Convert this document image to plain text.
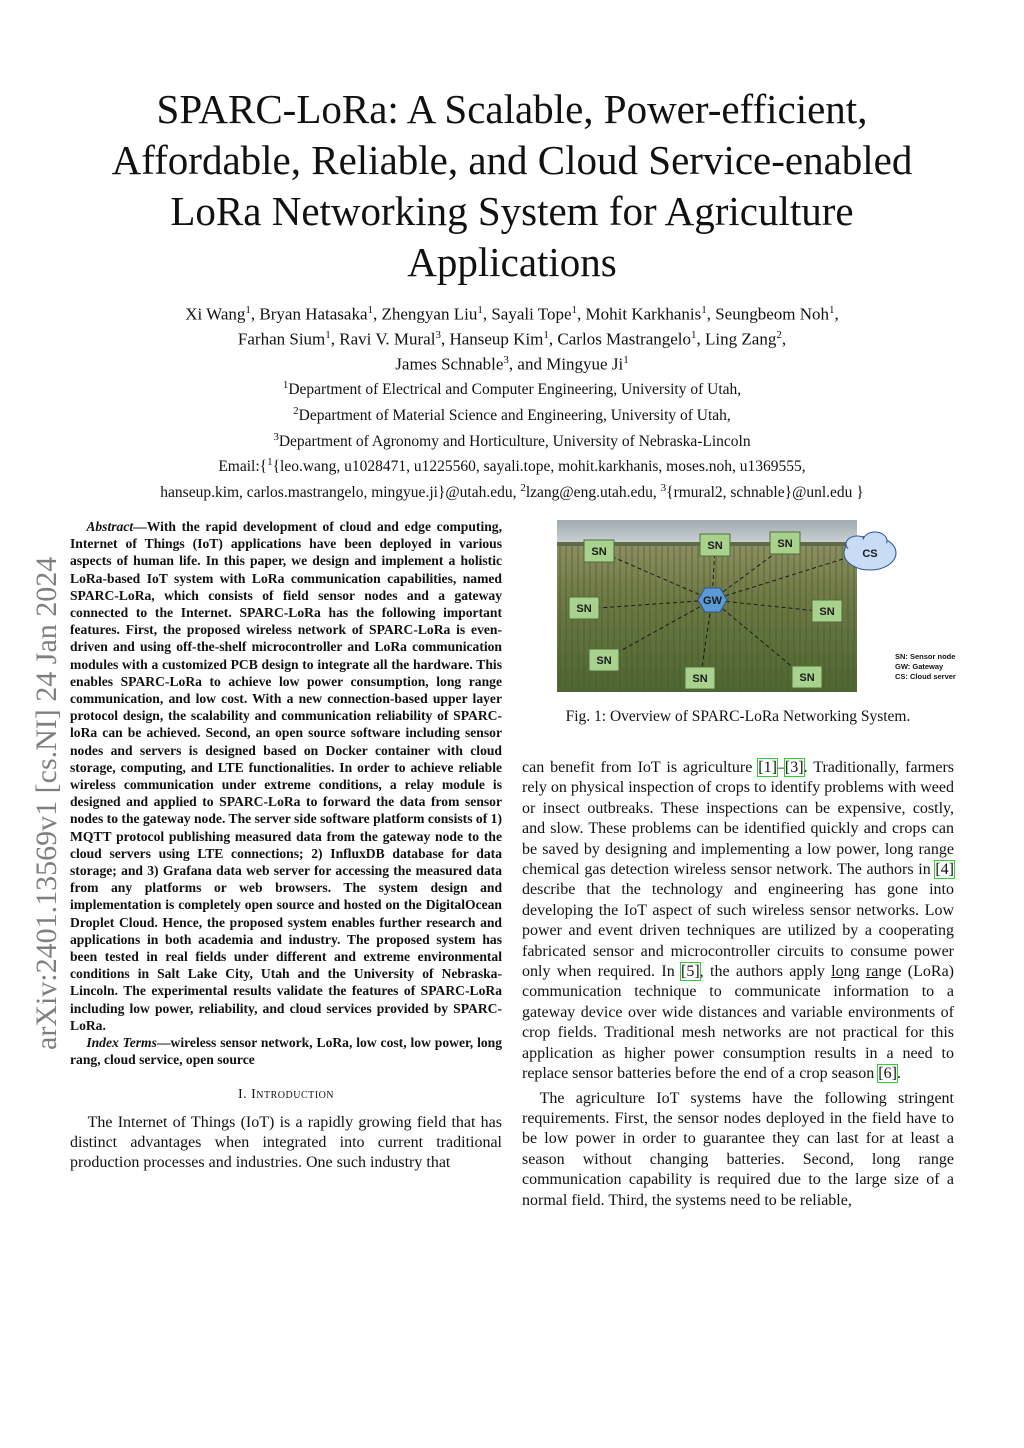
arXiv:2401.13569v1 [cs.NI] 24 Jan 2024
SPARC-LoRa: A Scalable, Power-efficient,
Affordable, Reliable, and Cloud Service-enabled
LoRa Networking System for Agriculture
Applications
Xi Wang$^1$, Bryan Hatasaka$^1$, Zhengyan Liu$^1$, Sayali Tope$^1$, Mohit Karkhanis$^1$, Seungbeom Noh$^1$,
Farhan Sium$^1$, Ravi V. Mural$^3$, Hanseup Kim$^1$, Carlos Mastrangelo$^1$, Ling Zang$^2$,
James Schnable$^3$, and Mingyue Ji$^1$
$^1$Department of Electrical and Computer Engineering, University of Utah,
$^2$Department of Material Science and Engineering, University of Utah,
$^3$Department of Agronomy and Horticulture, University of Nebraska-Lincoln
Email:{$^1${leo.wang, u1028471, u1225560, sayali.tope, mohit.karkhanis, moses.noh, u1369555,
hanseup.kim, carlos.mastrangelo, mingyue.ji}@utah.edu, $^2$lzang@eng.utah.edu, $^3${rmural2, schnable}@unl.edu }

Abstract—With the rapid development of cloud and edge computing, Internet of Things (IoT) applications have been deployed in various aspects of human life. In this paper, we design and implement a holistic LoRa-based IoT system with LoRa communication capabilities, named SPARC-LoRa, which consists of field sensor nodes and a gateway connected to the Internet. SPARC-LoRa has the following important features. First, the proposed wireless network of SPARC-LoRa is even-driven and using off-the-shelf microcontroller and LoRa communication modules with a customized PCB design to integrate all the hardware. This enables SPARC-LoRa to achieve low power consumption, long range communication, and low cost. With a new connection-based upper layer protocol design, the scalability and communication reliability of SPARC-loRa can be achieved. Second, an open source software including sensor nodes and servers is designed based on Docker container with cloud storage, computing, and LTE functionalities. In order to achieve reliable wireless communication under extreme conditions, a relay module is designed and applied to SPARC-LoRa to forward the data from sensor nodes to the gateway node. The server side software platform consists of 1) MQTT protocol publishing measured data from the gateway node to the cloud servers using LTE connections; 2) InfluxDB database for data storage; and 3) Grafana data web server for accessing the measured data from any platforms or web browsers. The system design and implementation is completely open source and hosted on the DigitalOcean Droplet Cloud. Hence, the proposed system enables further research and applications in both academia and industry. The proposed system has been tested in real fields under different and extreme environmental conditions in Salt Lake City, Utah and the University of Nebraska-Lincoln. The experimental results validate the features of SPARC-LoRa including low power, reliability, and cloud services provided by SPARC-LoRa.

Index Terms—wireless sensor network, LoRa, low cost, low power, long rang, cloud service, open source

I. Introduction

The Internet of Things (IoT) is a rapidly growing field that has distinct advantages when integrated into current traditional production processes and industries. One such industry that

CS
GW
SN	SN	SN
SN	SN
SN
SN	SN
SN: Sensor node
GW: Gateway
CS: Cloud server

Fig. 1: Overview of SPARC-LoRa Networking System.

can benefit from IoT is agriculture [1]–[3]. Traditionally, farmers rely on physical inspection of crops to identify problems with weed or insect outbreaks. These inspections can be expensive, costly, and slow. These problems can be identified quickly and crops can be saved by designing and implementing a low power, long range chemical gas detection wireless sensor network. The authors in [4] describe that the technology and engineering has gone into developing the IoT aspect of such wireless sensor networks. Low power and event driven techniques are utilized by a cooperating fabricated sensor and microcontroller circuits to consume power only when required. In [5], the authors apply long range (LoRa) communication technique to communicate information to a gateway device over wide distances and variable environments of crop fields. Traditional mesh networks are not practical for this application as higher power consumption results in a need to replace sensor batteries before the end of a crop season [6].

The agriculture IoT systems have the following stringent requirements. First, the sensor nodes deployed in the field have to be low power in order to guarantee they can last for at least a season without changing batteries. Second, long range communication capability is required due to the large size of a normal field. Third, the systems need to be reliable,
